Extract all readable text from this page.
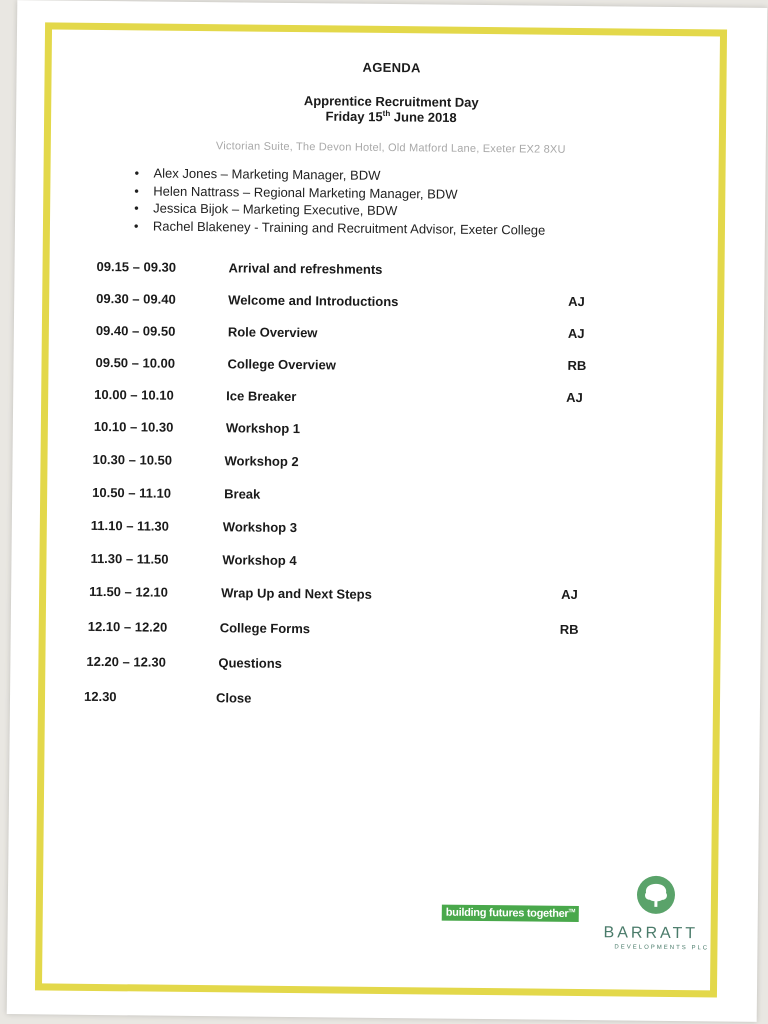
AGENDA
Apprentice Recruitment Day
Friday 15th June 2018
Victorian Suite, The Devon Hotel, Old Matford Lane, Exeter EX2 8XU
• Alex Jones – Marketing Manager, BDW
• Helen Nattrass – Regional Marketing Manager, BDW
• Jessica Bijok – Marketing Executive, BDW
• Rachel Blakeney - Training and Recruitment Advisor, Exeter College
09.15 – 09.30	Arrival and refreshments
09.30 – 09.40	Welcome and Introductions	AJ
09.40 – 09.50	Role Overview	AJ
09.50 – 10.00	College Overview	RB
10.00 – 10.10	Ice Breaker	AJ
10.10 – 10.30	Workshop 1
10.30 – 10.50	Workshop 2
10.50 – 11.10	Break
11.10 – 11.30	Workshop 3
11.30 – 11.50	Workshop 4
11.50 – 12.10	Wrap Up and Next Steps	AJ
12.10 – 12.20	College Forms	RB
12.20 – 12.30	Questions
12.30	Close
building futures together™
BARRATT
DEVELOPMENTS PLC
